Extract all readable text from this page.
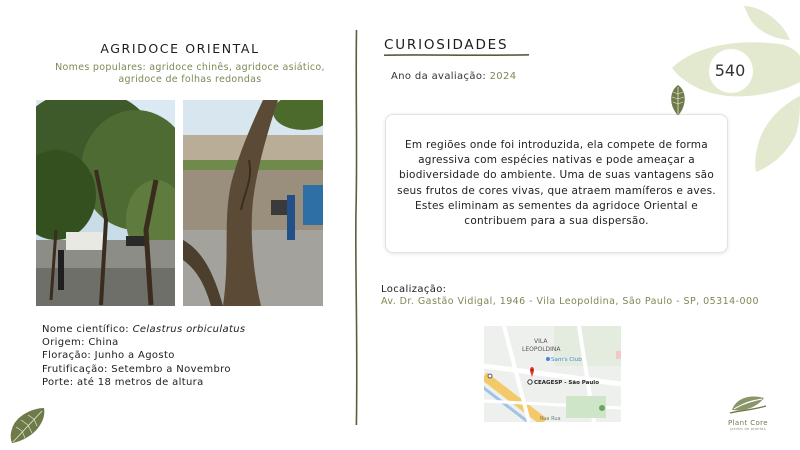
AGRIDOCE ORIENTAL
Nomes populares: agridoce chinês, agridoce asiático, agridoce de folhas redondas
Nome científico: Celastrus orbiculatus
Origem: China
Floração: Junho a Agosto
Frutificação: Setembro a Novembro
Porte: até 18 metros de altura
CURIOSIDADES
Ano da avaliação: 2024

Em regiões onde foi introduzida, ela compete de forma agressiva com espécies nativas e pode ameaçar a biodiversidade do ambiente. Uma de suas vantagens são seus frutos de cores vivas, que atraem mamíferos e aves. Estes eliminam as sementes da agridoce Oriental e contribuem para a sua dispersão.

Localização:
Av. Dr. Gastão Vidigal, 1946 - Vila Leopoldina, São Paulo - SP, 05314-000
VILA
LEOPOLDINA
Sam's Club
CEAGESP - São Paulo
Rua Rua
540
Plant Core
jardim de plantas
